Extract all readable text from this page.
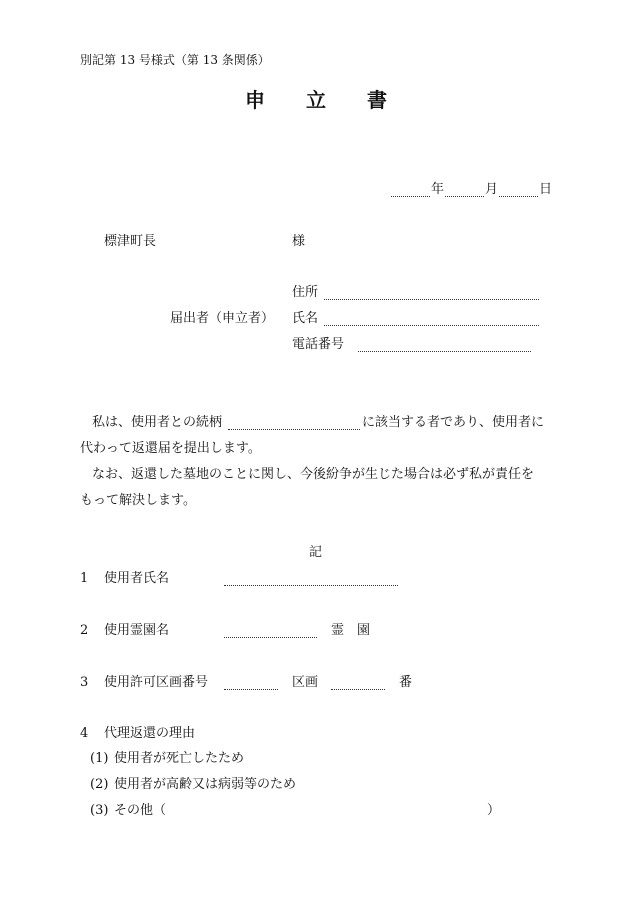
別記第 13 号様式（第 13 条関係）
申 立 書
年	月	日
標津町長	様
届出者（申立者）
住所
氏名
電話番号
私は、使用者との続柄	に該当する者であり、使用者に
代わって返還届を提出します。
なお、返還した墓地のことに関し、今後紛争が生じた場合は必ず私が責任を
もって解決します。
記
1 使用者氏名
2 使用霊園名	霊　園
3 使用許可区画番号	区画	番
4 代理返還の理由
(1) 使用者が死亡したため
(2) 使用者が高齢又は病弱等のため
(3) その他（	）
